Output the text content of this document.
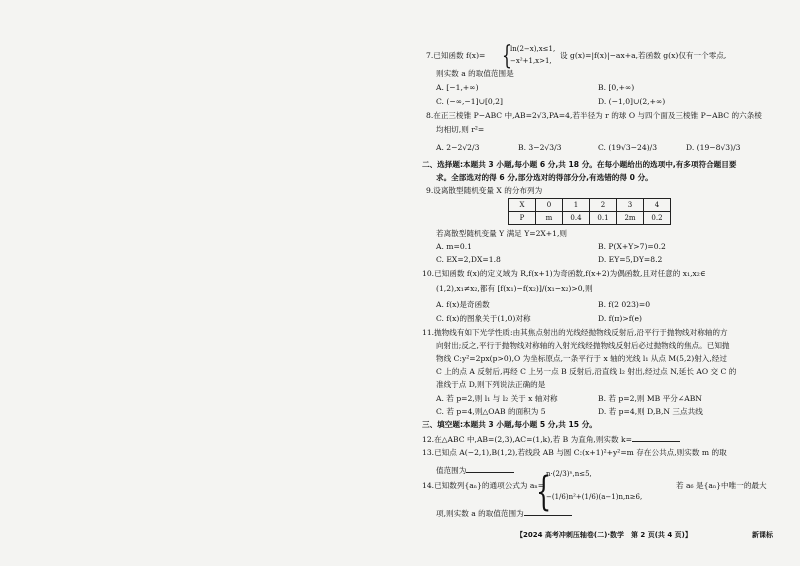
7.已知函数 f(x)= {
ln(2−x),x≤1,
−x²+1,x>1,
设 g(x)=|f(x)|−ax+a,若函数 g(x)仅有一个零点,
则实数 a 的取值范围是
A. [−1,+∞)	B. [0,+∞)
C. (−∞,−1]∪[0,2]	D. (−1,0]∪(2,+∞)
8.在正三棱锥 P−ABC 中,AB=2√3,PA=4,若半径为 r 的球 O 与四个面及三棱锥 P−ABC 的六条棱
均相切,则 r²=
A. 2−2√2/3	B. 3−2√3/3	C. (19√3−24)/3	D. (19−8√3)/3
二、选择题:本题共 3 小题,每小题 6 分,共 18 分。在每小题给出的选项中,有多项符合题目要
求。全部选对的得 6 分,部分选对的得部分分,有选错的得 0 分。
9.设离散型随机变量 X 的分布列为
X	0	1	2	3	4
P	m	0.4	0.1	2m	0.2
若离散型随机变量 Y 满足 Y=2X+1,则
A. m=0.1	B. P(X+Y>7)=0.2
C. EX=2,DX=1.8	D. EY=5,DY=8.2
10.已知函数 f(x)的定义域为 R,f(x+1)为奇函数,f(x+2)为偶函数,且对任意的 x₁,x₂∈
(1,2),x₁≠x₂,都有 [f(x₁)−f(x₂)]/(x₁−x₂)>0,则
A. f(x)是奇函数	B. f(2 023)=0
C. f(x)的图象关于(1,0)对称	D. f(π)>f(e)
11.抛物线有如下光学性质:由其焦点射出的光线经抛物线反射后,沿平行于抛物线对称轴的方
向射出;反之,平行于抛物线对称轴的入射光线经抛物线反射后必过抛物线的焦点。已知抛
物线 C:y²=2px(p>0),O 为坐标原点,一条平行于 x 轴的光线 l₁ 从点 M(5,2)射入,经过
C 上的点 A 反射后,再经 C 上另一点 B 反射后,沿直线 l₂ 射出,经过点 N,延长 AO 交 C 的
准线于点 D,则下列说法正确的是
A. 若 p=2,则 l₁ 与 l₂ 关于 x 轴对称	B. 若 p=2,则 MB 平分∠ABN
C. 若 p=4,则△OAB 的面积为 5	D. 若 p=4,则 D,B,N 三点共线
三、填空题:本题共 3 小题,每小题 5 分,共 15 分。
12.在△ABC 中,AB=(2,3),AC=(1,k),若 B 为直角,则实数 k=
13.已知点 A(−2,1),B(1,2),若线段 AB 与圆 C:(x+1)²+y²=m 存在公共点,则实数 m 的取
值范围为	{
n·(2/3)ⁿ,n≤5,
−(1/6)n²+(1/6)(a−1)n,n≥6,
14.已知数列{aₙ}的通项公式为 aₙ=	若 a₆ 是{aₙ}中唯一的最大
项,则实数 a 的取值范围为
【2024 高考冲刺压轴卷(二)·数学　第 2 页(共 4 页)】	新课标
